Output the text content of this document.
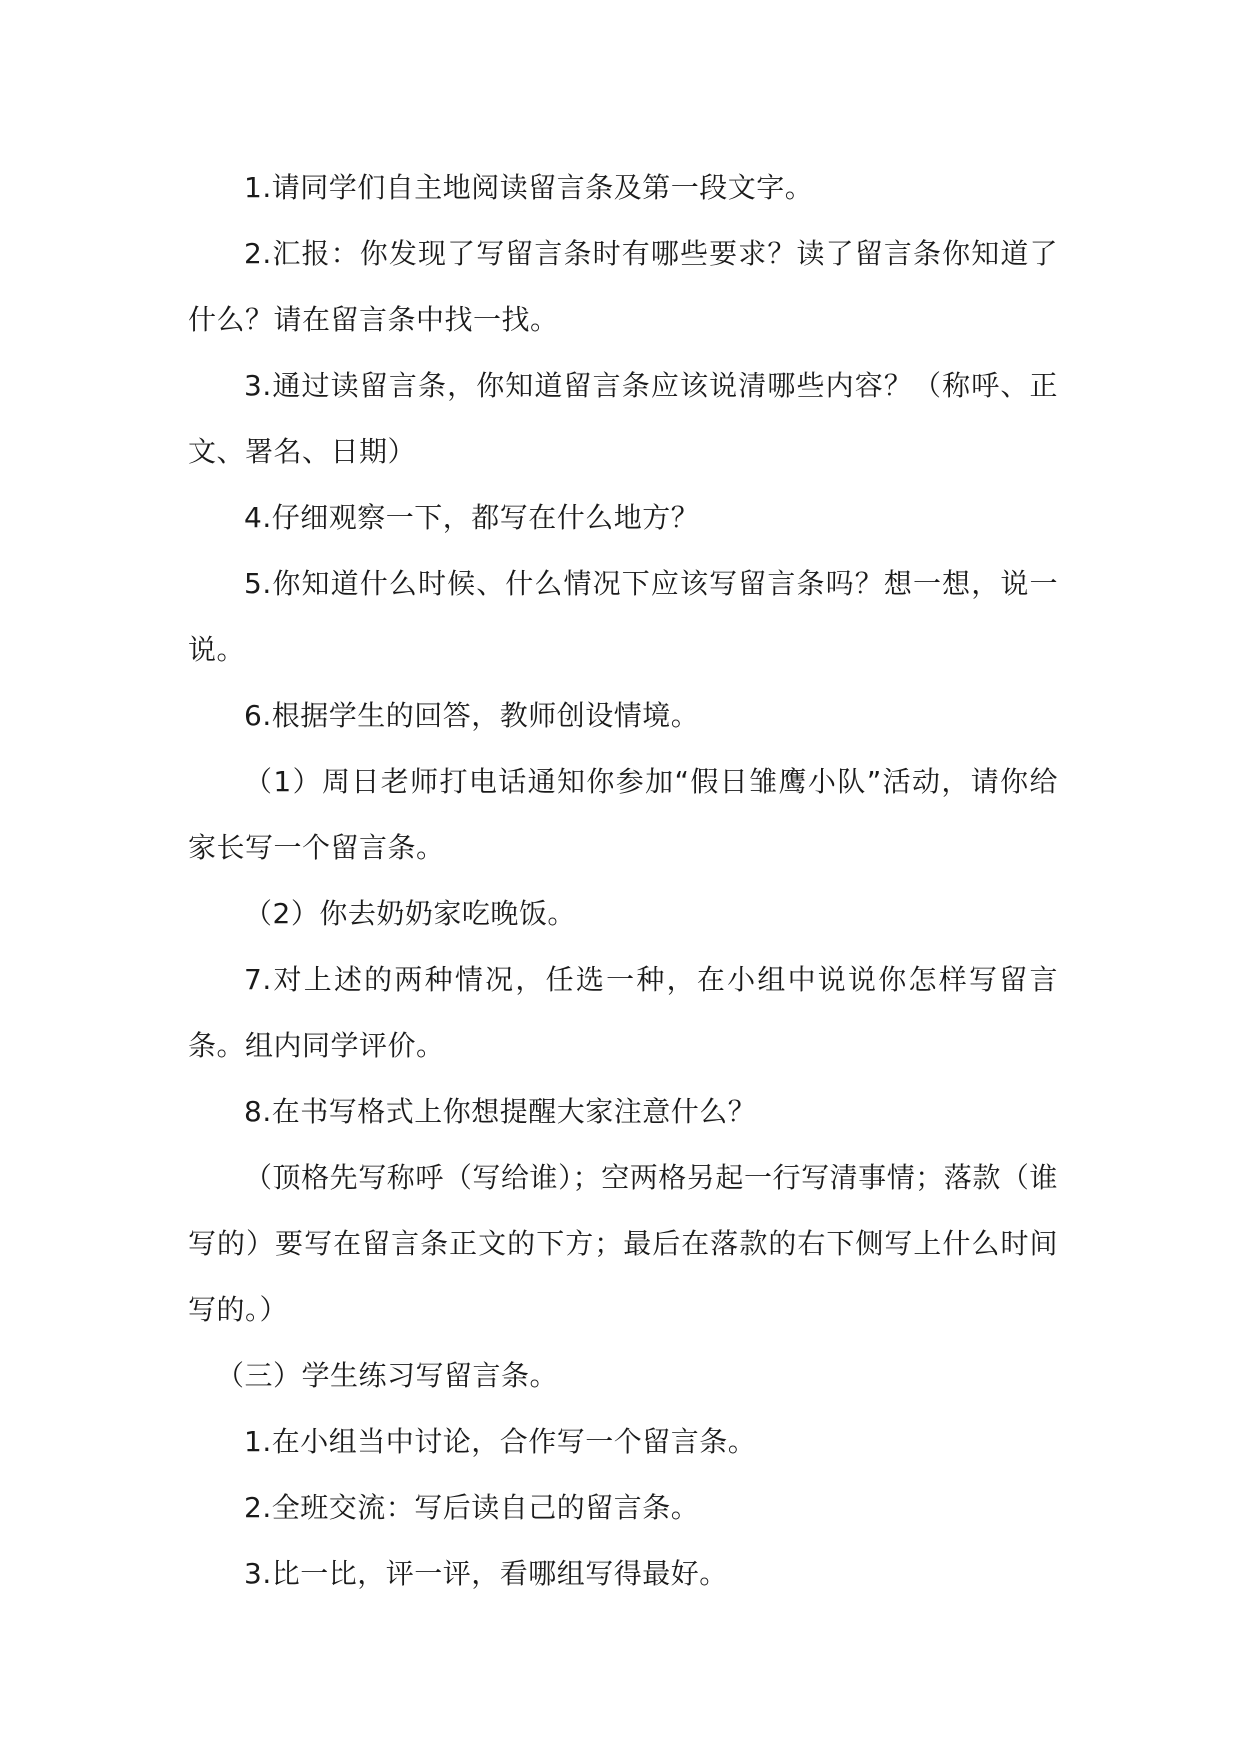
1.请同学们自主地阅读留言条及第一段文字。

2.汇报：你发现了写留言条时有哪些要求？读了留言条你知道了什么？请在留言条中找一找。

3.通过读留言条，你知道留言条应该说清哪些内容？（称呼、正文、署名、日期）

4.仔细观察一下，都写在什么地方？

5.你知道什么时候、什么情况下应该写留言条吗？想一想，说一说。

6.根据学生的回答，教师创设情境。

（1）周日老师打电话通知你参加“假日雏鹰小队”活动，请你给家长写一个留言条。

（2）你去奶奶家吃晚饭。

7.对上述的两种情况，任选一种，在小组中说说你怎样写留言条。组内同学评价。

8.在书写格式上你想提醒大家注意什么？

（顶格先写称呼（写给谁）；空两格另起一行写清事情；落款（谁写的）要写在留言条正文的下方；最后在落款的右下侧写上什么时间写的。）

（三）学生练习写留言条。

1.在小组当中讨论，合作写一个留言条。

2.全班交流：写后读自己的留言条。

3.比一比，评一评，看哪组写得最好。
